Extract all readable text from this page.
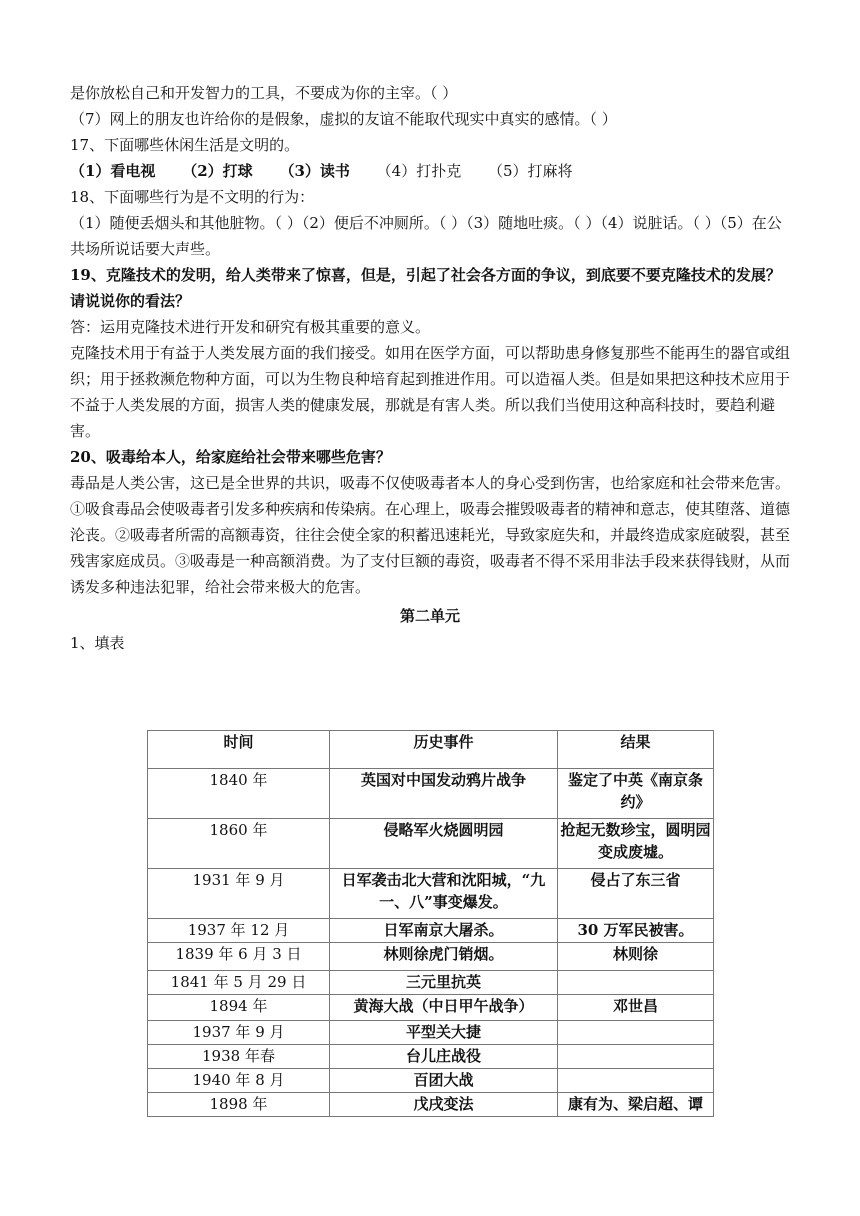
是你放松自己和开发智力的工具，不要成为你的主宰。（ ）
（7）网上的朋友也许给你的是假象，虚拟的友谊不能取代现实中真实的感情。（ ）
17、下面哪些休闲生活是文明的。
（1）看电视 （2）打球 （3）读书 （4）打扑克 （5）打麻将
18、下面哪些行为是不文明的行为：
（1）随便丢烟头和其他脏物。（ ）（2）便后不冲厕所。（ ）（3）随地吐痰。（ ）（4）说脏话。（ ）（5）在公共场所说话要大声些。
19、克隆技术的发明，给人类带来了惊喜，但是，引起了社会各方面的争议，到底要不要克隆技术的发展？请说说你的看法？
答：运用克隆技术进行开发和研究有极其重要的意义。
克隆技术用于有益于人类发展方面的我们接受。如用在医学方面，可以帮助患身修复那些不能再生的器官或组织；用于拯救濒危物种方面，可以为生物良种培育起到推进作用。可以造福人类。但是如果把这种技术应用于不益于人类发展的方面，损害人类的健康发展，那就是有害人类。所以我们当使用这种高科技时，要趋利避害。
20、吸毒给本人，给家庭给社会带来哪些危害？
毒品是人类公害，这已是全世界的共识，吸毒不仅使吸毒者本人的身心受到伤害，也给家庭和社会带来危害。①吸食毒品会使吸毒者引发多种疾病和传染病。在心理上，吸毒会摧毁吸毒者的精神和意志，使其堕落、道德沦丧。②吸毒者所需的高额毒资，往往会使全家的积蓄迅速耗光，导致家庭失和，并最终造成家庭破裂，甚至残害家庭成员。③吸毒是一种高额消费。为了支付巨额的毒资，吸毒者不得不采用非法手段来获得钱财，从而诱发多种违法犯罪，给社会带来极大的危害。
第二单元
1、填表
时间	历史事件	结果
1840 年	英国对中国发动鸦片战争	鉴定了中英《南京条约》
1860 年	侵略军火烧圆明园	抢起无数珍宝，圆明园变成废墟。
1931 年 9 月	日军袭击北大营和沈阳城，“九一、八”事变爆发。	侵占了东三省
1937 年 12 月	日军南京大屠杀。	30 万军民被害。
1839 年 6 月 3 日	林则徐虎门销烟。	林则徐
1841 年 5 月 29 日	三元里抗英	
1894 年	黄海大战（中日甲午战争）	邓世昌
1937 年 9 月	平型关大捷	
1938 年春	台儿庄战役	
1940 年 8 月	百团大战	
1898 年	戊戌变法	康有为、梁启超、谭
